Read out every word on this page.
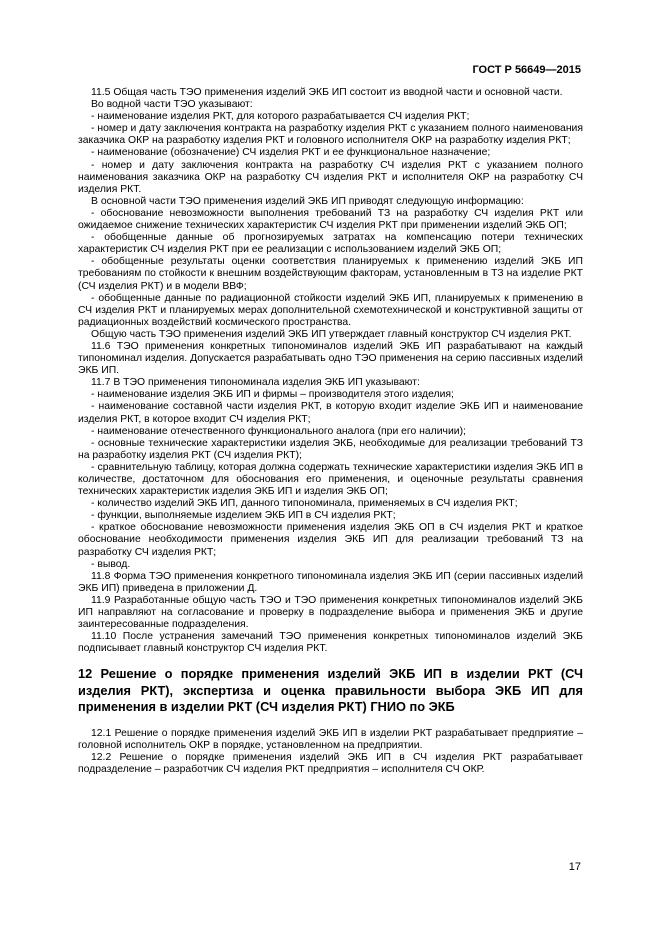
ГОСТ Р 56649—2015

11.5 Общая часть ТЭО применения изделий ЭКБ ИП состоит из вводной части и основной части.

Во водной части ТЭО указывают:

- наименование изделия РКТ, для которого разрабатывается СЧ изделия РКТ;

- номер и дату заключения контракта на разработку изделия РКТ с указанием полного наименования заказчика ОКР на разработку изделия РКТ и головного исполнителя ОКР на разработку изделия РКТ;

- наименование (обозначение) СЧ изделия РКТ и ее функциональное назначение;

- номер и дату заключения контракта на разработку СЧ изделия РКТ с указанием полного наименования заказчика ОКР на разработку СЧ изделия РКТ и исполнителя ОКР на разработку СЧ изделия РКТ.

В основной части ТЭО применения изделий ЭКБ ИП приводят следующую информацию:

- обоснование невозможности выполнения требований ТЗ на разработку СЧ изделия РКТ или ожидаемое снижение технических характеристик СЧ изделия РКТ при применении изделий ЭКБ ОП;

- обобщенные данные об прогнозируемых затратах на компенсацию потери технических характеристик СЧ изделия РКТ при ее реализации с использованием изделий ЭКБ ОП;

- обобщенные результаты оценки соответствия планируемых к применению изделий ЭКБ ИП требованиям по стойкости к внешним воздействующим факторам, установленным в ТЗ на изделие РКТ (СЧ изделия РКТ) и в модели ВВФ;

- обобщенные данные по радиационной стойкости изделий ЭКБ ИП, планируемых к применению в СЧ изделия РКТ и планируемых мерах дополнительной схемотехнической и конструктивной защиты от радиационных воздействий космического пространства.

Общую часть ТЭО применения изделий ЭКБ ИП утверждает главный конструктор СЧ изделия РКТ.

11.6 ТЭО применения конкретных типономиналов изделий ЭКБ ИП разрабатывают на каждый типономинал изделия. Допускается разрабатывать одно ТЭО применения на серию пассивных изделий ЭКБ ИП.

11.7 В ТЭО применения типономинала изделия ЭКБ ИП указывают:

- наименование изделия ЭКБ ИП и фирмы – производителя этого изделия;

- наименование составной части изделия РКТ, в которую входит изделие ЭКБ ИП и наименование изделия РКТ, в которое входит СЧ изделия РКТ;

- наименование отечественного функционального аналога (при его наличии);

- основные технические характеристики изделия ЭКБ, необходимые для реализации требований ТЗ на разработку изделия РКТ (СЧ изделия РКТ);

- сравнительную таблицу, которая должна содержать технические характеристики изделия ЭКБ ИП в количестве, достаточном для обоснования его применения, и оценочные результаты сравнения технических характеристик изделия ЭКБ ИП и изделия ЭКБ ОП;

- количество изделий ЭКБ ИП, данного типономинала, применяемых в СЧ изделия РКТ;

- функции, выполняемые изделием ЭКБ ИП в СЧ изделия РКТ;

- краткое обоснование невозможности применения изделия ЭКБ ОП в СЧ изделия РКТ и краткое обоснование необходимости применения изделия ЭКБ ИП для реализации требований ТЗ на разработку СЧ изделия РКТ;

- вывод.

11.8 Форма ТЭО применения конкретного типономинала изделия ЭКБ ИП (серии пассивных изделий ЭКБ ИП) приведена в приложении Д.

11.9 Разработанные общую часть ТЭО и ТЭО применения конкретных типономиналов изделий ЭКБ ИП направляют на согласование и проверку в подразделение выбора и применения ЭКБ и другие заинтересованные подразделения.

11.10 После устранения замечаний ТЭО применения конкретных типономиналов изделий ЭКБ подписывает главный конструктор СЧ изделия РКТ.

12 Решение о порядке применения изделий ЭКБ ИП в изделии РКТ (СЧ изделия РКТ), экспертиза и оценка правильности выбора ЭКБ ИП для применения в изделии РКТ (СЧ изделия РКТ) ГНИО по ЭКБ

12.1 Решение о порядке применения изделий ЭКБ ИП в изделии РКТ разрабатывает предприятие – головной исполнитель ОКР в порядке, установленном на предприятии.

12.2 Решение о порядке применения изделий ЭКБ ИП в СЧ изделия РКТ разрабатывает подразделение – разработчик СЧ изделия РКТ предприятия – исполнителя СЧ ОКР.

17
